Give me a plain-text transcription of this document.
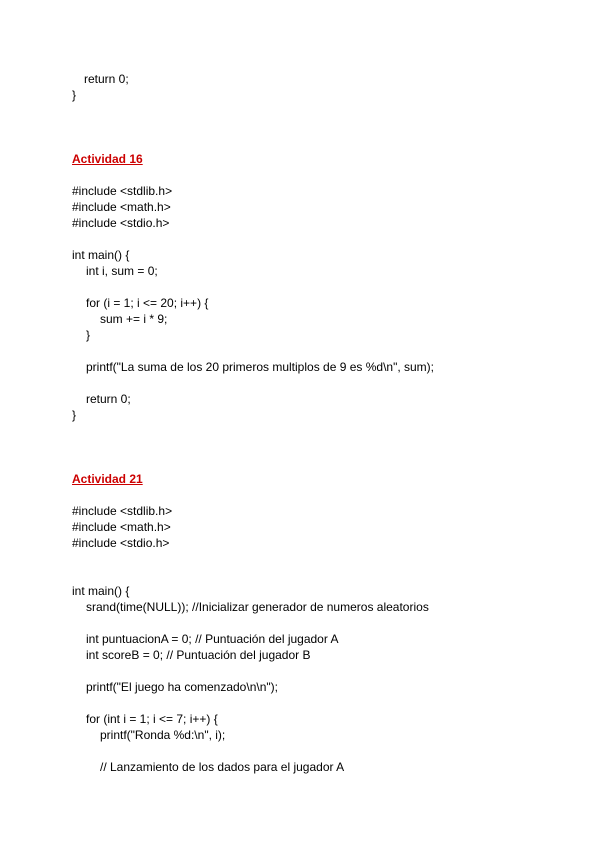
return 0;

}

Actividad 16

#include <stdlib.h>

#include <math.h>

#include <stdio.h>

int main() {

int i, sum = 0;

for (i = 1; i <= 20; i++) {

sum += i * 9;

}

printf("La suma de los 20 primeros multiplos de 9 es %d\n", sum);

return 0;

}

Actividad 21

#include <stdlib.h>

#include <math.h>

#include <stdio.h>

int main() {

srand(time(NULL)); //Inicializar generador de numeros aleatorios

int puntuacionA = 0; // Puntuación del jugador A

int scoreB = 0; // Puntuación del jugador B

printf("El juego ha comenzado\n\n");

for (int i = 1; i <= 7; i++) {

printf("Ronda %d:\n", i);

// Lanzamiento de los dados para el jugador A
